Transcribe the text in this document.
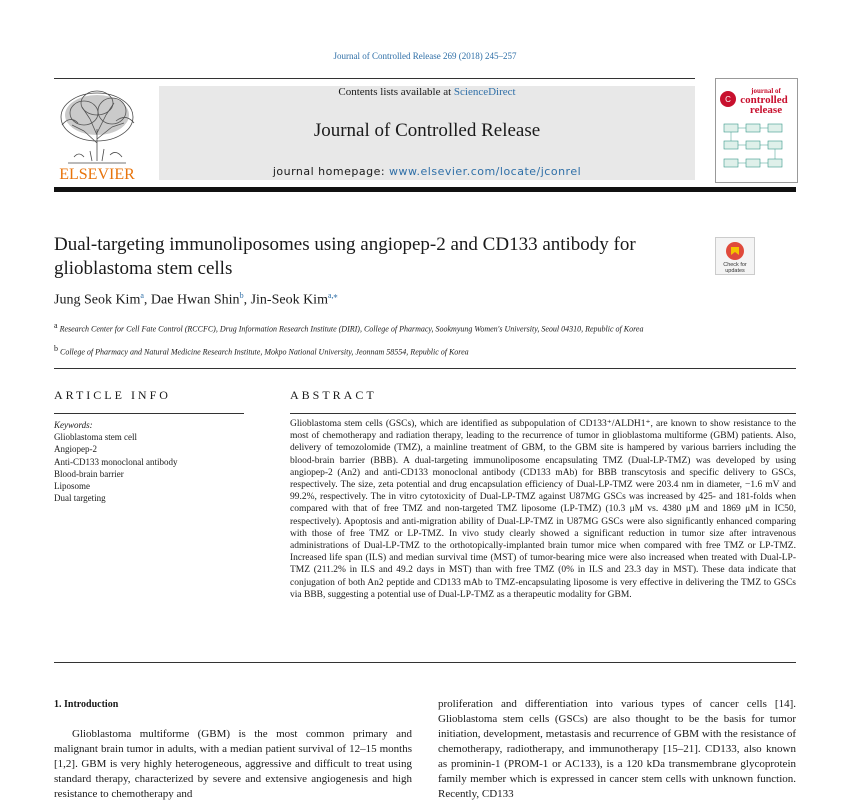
Journal of Controlled Release 269 (2018) 245–257
ELSEVIER
Contents lists available at ScienceDirect
Journal of Controlled Release
journal homepage: www.elsevier.com/locate/jconrel
C
journal of
controlled
release
Dual-targeting immunoliposomes using angiopep-2 and CD133 antibody for glioblastoma stem cells	Check for
updates
Jung Seok Kim$^a$, Dae Hwan Shin$^b$, Jin-Seok Kim$^{a,⁎}$
$^a$ Research Center for Cell Fate Control (RCCFC), Drug Information Research Institute (DIRI), College of Pharmacy, Sookmyung Women's University, Seoul 04310, Republic of Korea
$^b$ College of Pharmacy and Natural Medicine Research Institute, Mokpo National University, Jeonnam 58554, Republic of Korea
ARTICLE INFO
Keywords:
Glioblastoma stem cell
Angiopep-2
Anti-CD133 monoclonal antibody
Blood-brain barrier
Liposome
Dual targeting
ABSTRACT
Glioblastoma stem cells (GSCs), which are identified as subpopulation of CD133⁺/ALDH1⁺, are known to show resistance to the most of chemotherapy and radiation therapy, leading to the recurrence of tumor in glioblastoma multiforme (GBM) patients. Also, delivery of temozolomide (TMZ), a mainline treatment of GBM, to the GBM site is hampered by various barriers including the blood-brain barrier (BBB). A dual-targeting immunoliposome encapsulating TMZ (Dual-LP-TMZ) was developed by using angiopep-2 (An2) and anti-CD133 monoclonal antibody (CD133 mAb) for BBB transcytosis and specific delivery to GSCs, respectively. The size, zeta potential and drug encapsulation efficiency of Dual-LP-TMZ were 203.4 nm in diameter, −1.6 mV and 99.2%, respectively. The in vitro cytotoxicity of Dual-LP-TMZ against U87MG GSCs was increased by 425- and 181-folds when compared with that of free TMZ and non-targeted TMZ liposome (LP-TMZ) (10.3 μM vs. 4380 μM and 1869 μM in IC50, respectively). Apoptosis and anti-migration ability of Dual-LP-TMZ in U87MG GSCs were also significantly enhanced comparing with those of free TMZ or LP-TMZ. In vivo study clearly showed a significant reduction in tumor size after intravenous administrations of Dual-LP-TMZ to the orthotopically-implanted brain tumor mice when compared with free TMZ or LP-TMZ. Increased life span (ILS) and median survival time (MST) of tumor-bearing mice were also increased when treated with Dual-LP-TMZ (211.2% in ILS and 49.2 days in MST) than with free TMZ (0% in ILS and 23.3 day in MST). These data indicate that conjugation of both An2 peptide and CD133 mAb to TMZ-encapsulating liposome is very effective in delivering the TMZ to GSCs via BBB, suggesting a potential use of Dual-LP-TMZ as a therapeutic modality for GBM.
1. Introduction
Glioblastoma multiforme (GBM) is the most common primary and malignant brain tumor in adults, with a median patient survival of 12–15 months [1,2]. GBM is very highly heterogeneous, aggressive and difficult to treat using standard therapy, characterized by severe and extensive angiogenesis and high resistance to chemotherapy and
proliferation and differentiation into various types of cancer cells [14]. Glioblastoma stem cells (GSCs) are also thought to be the basis for tumor initiation, development, metastasis and recurrence of GBM with the resistance of chemotherapy, radiotherapy, and immunotherapy [15–21]. CD133, also known as prominin-1 (PROM-1 or AC133), is a 120 kDa transmembrane glycoprotein family member which is expressed in cancer stem cells with unknown function. Recently, CD133
